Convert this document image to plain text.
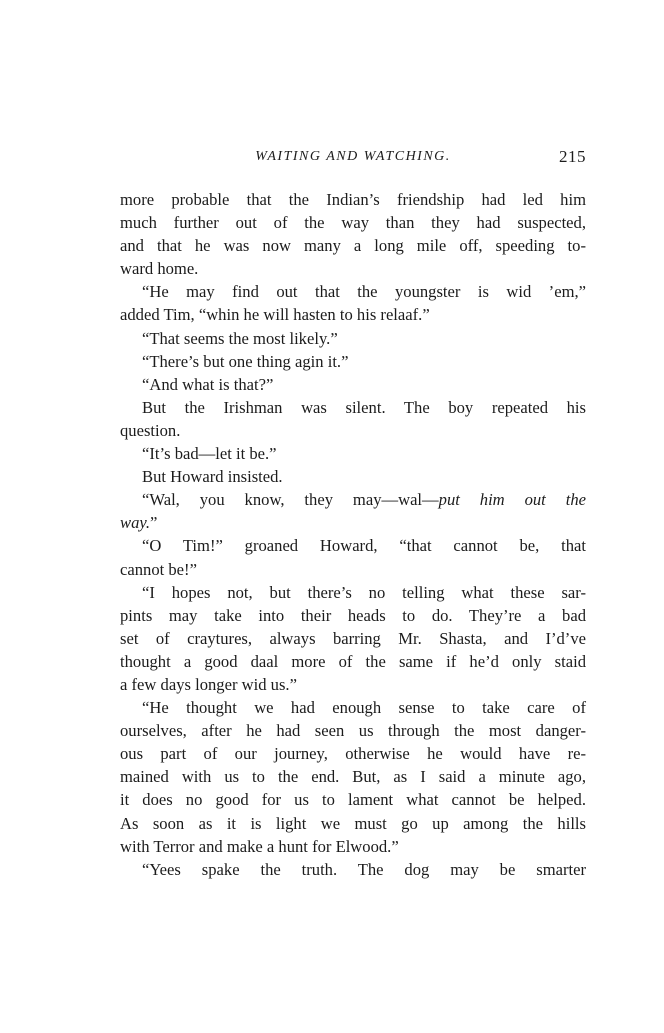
WAITING AND WATCHING.	215
more probable that the Indian’s friendship had led him
much further out of the way than they had suspected,
and that he was now many a long mile off, speeding to-
ward home.
“He may find out that the youngster is wid ’em,”
added Tim, “whin he will hasten to his relaaf.”
“That seems the most likely.”
“There’s but one thing agin it.”
“And what is that?”
But the Irishman was silent. The boy repeated his
question.
“It’s bad—let it be.”
But Howard insisted.
“Wal, you know, they may—wal—put him out the
way.”
“O Tim!” groaned Howard, “that cannot be, that
cannot be!”
“I hopes not, but there’s no telling what these sar-
pints may take into their heads to do. They’re a bad
set of craytures, always barring Mr. Shasta, and I’d’ve
thought a good daal more of the same if he’d only staid
a few days longer wid us.”
“He thought we had enough sense to take care of
ourselves, after he had seen us through the most danger-
ous part of our journey, otherwise he would have re-
mained with us to the end. But, as I said a minute ago,
it does no good for us to lament what cannot be helped.
As soon as it is light we must go up among the hills
with Terror and make a hunt for Elwood.”
“Yees spake the truth. The dog may be smarter
